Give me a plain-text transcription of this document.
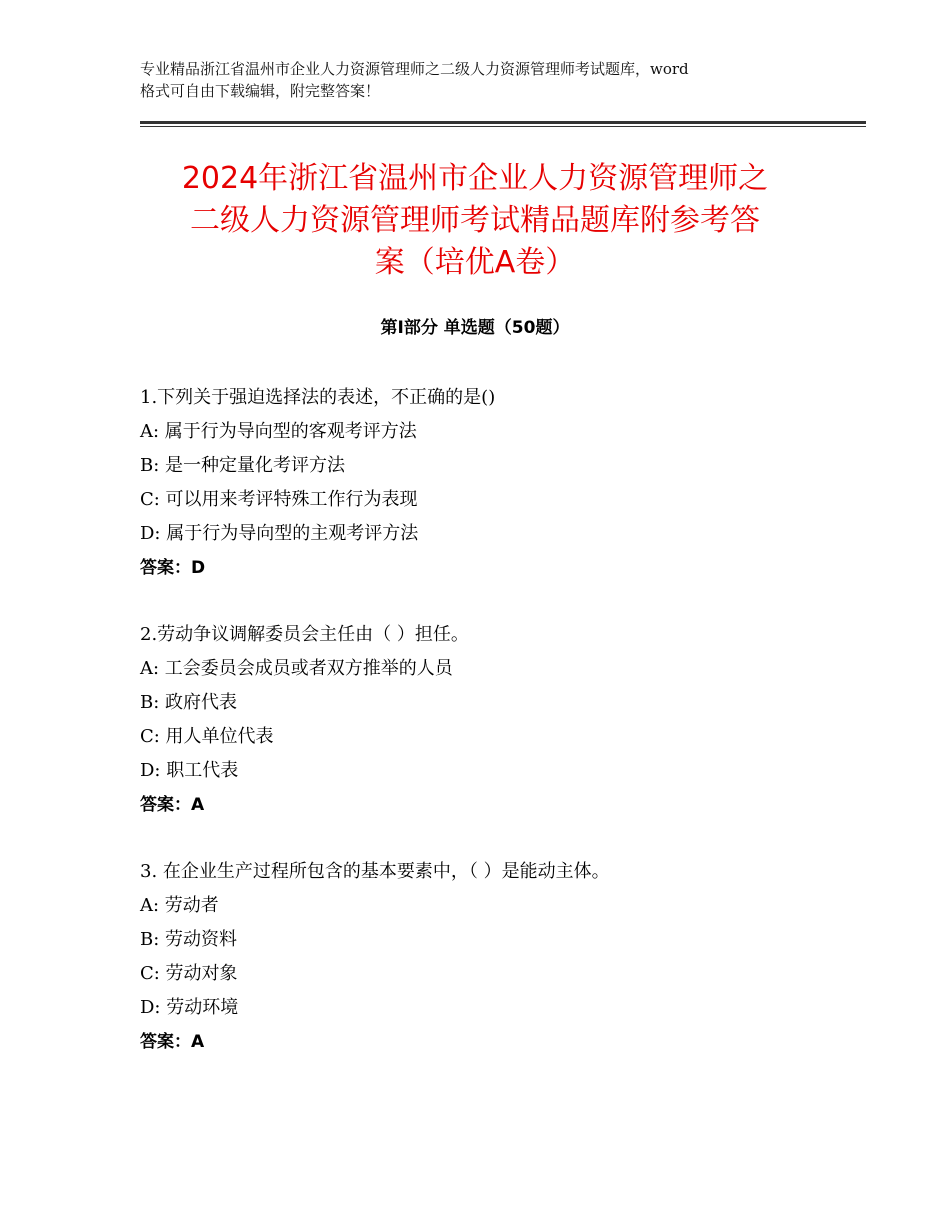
专业精品浙江省温州市企业人力资源管理师之二级人力资源管理师考试题库，word
格式可自由下载编辑，附完整答案！
2024年浙江省温州市企业人力资源管理师之
二级人力资源管理师考试精品题库附参考答
案（培优A卷）
第Ⅰ部分 单选题（50题）
1.下列关于强迫选择法的表述，不正确的是()
A: 属于行为导向型的客观考评方法
B: 是一种定量化考评方法
C: 可以用来考评特殊工作行为表现
D: 属于行为导向型的主观考评方法
答案：D
2.劳动争议调解委员会主任由（ ）担任。
A: 工会委员会成员或者双方推举的人员
B: 政府代表
C: 用人单位代表
D: 职工代表
答案：A
3. 在企业生产过程所包含的基本要素中，（ ）是能动主体。
A: 劳动者
B: 劳动资料
C: 劳动对象
D: 劳动环境
答案：A
